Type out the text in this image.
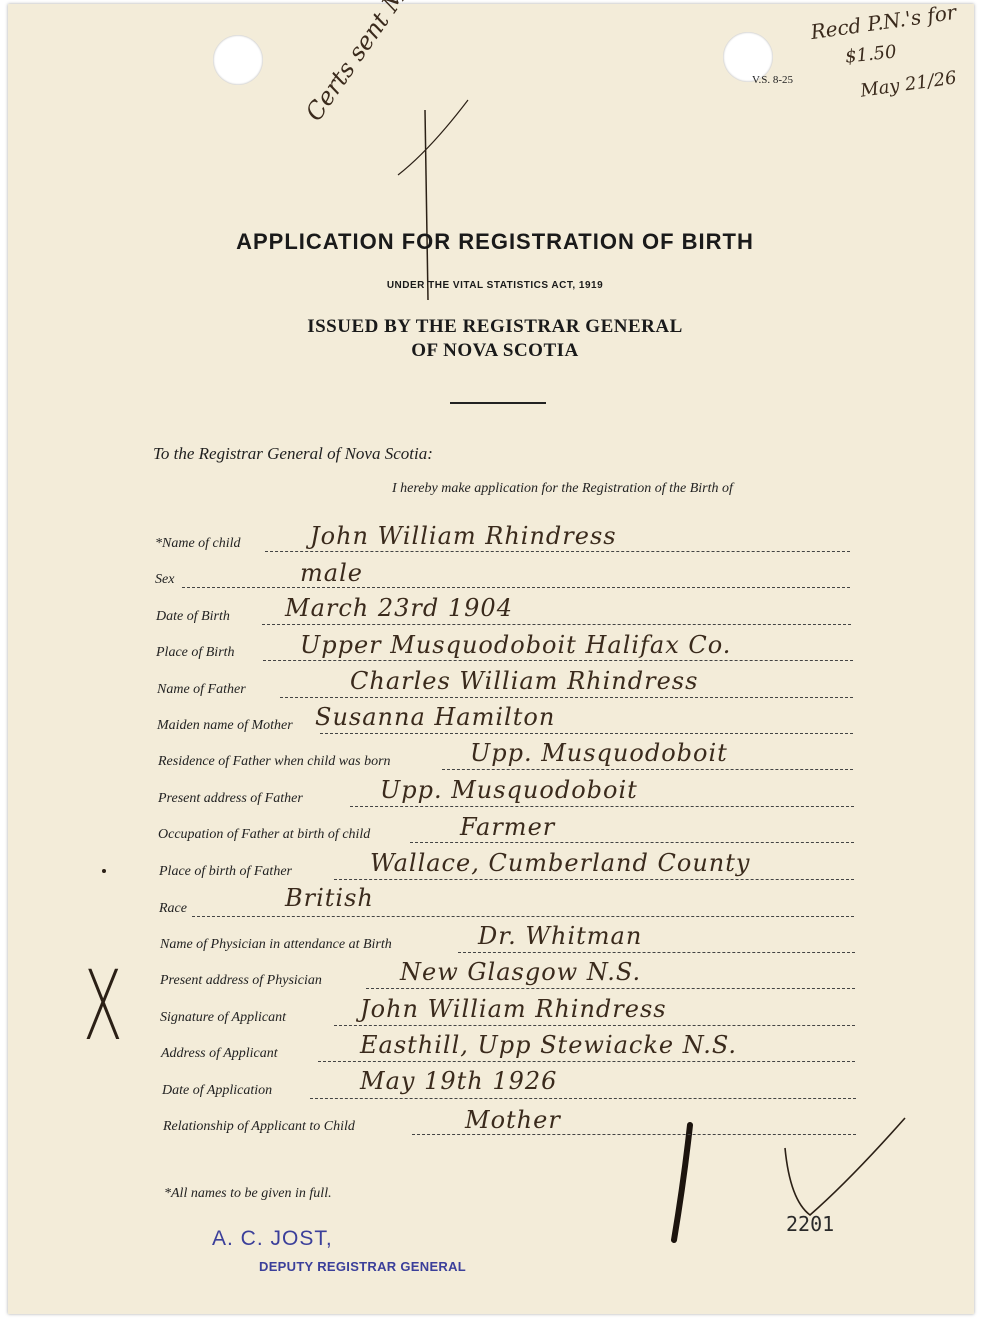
V.S. 8-25
Recd P.N.'s for
$1.50
May 21/26
APPLICATION FOR REGISTRATION OF BIRTH
UNDER THE VITAL STATISTICS ACT, 1919
ISSUED BY THE REGISTRAR GENERAL
OF NOVA SCOTIA
To the Registrar General of Nova Scotia:
I hereby make application for the Registration of the Birth of
*Name of child	John William Rhindress
Sex	male
Date of Birth March 23rd 1904
Place of Birth	Upper Musquodoboit Halifax Co.
Name of Father	Charles William Rhindress
Maiden name of Mother Susanna Hamilton
Residence of Father when child was born	Upp. Musquodoboit
Present address of Father	Upp. Musquodoboit
Occupation of Father at birth of child	Farmer
Place of birth of Father	Wallace, Cumberland County
Race	British
Name of Physician in attendance at Birth	Dr. Whitman
Present address of Physician	New Glasgow N.S.
Signature of Applicant	John William Rhindress
Address of Applicant	Easthill, Upp Stewiacke N.S.
Date of Application	May 19th 1926
Relationship of Applicant to Child	Mother
X
*All names to be given in full.
2201
A. C. JOST,
DEPUTY REGISTRAR GENERAL
